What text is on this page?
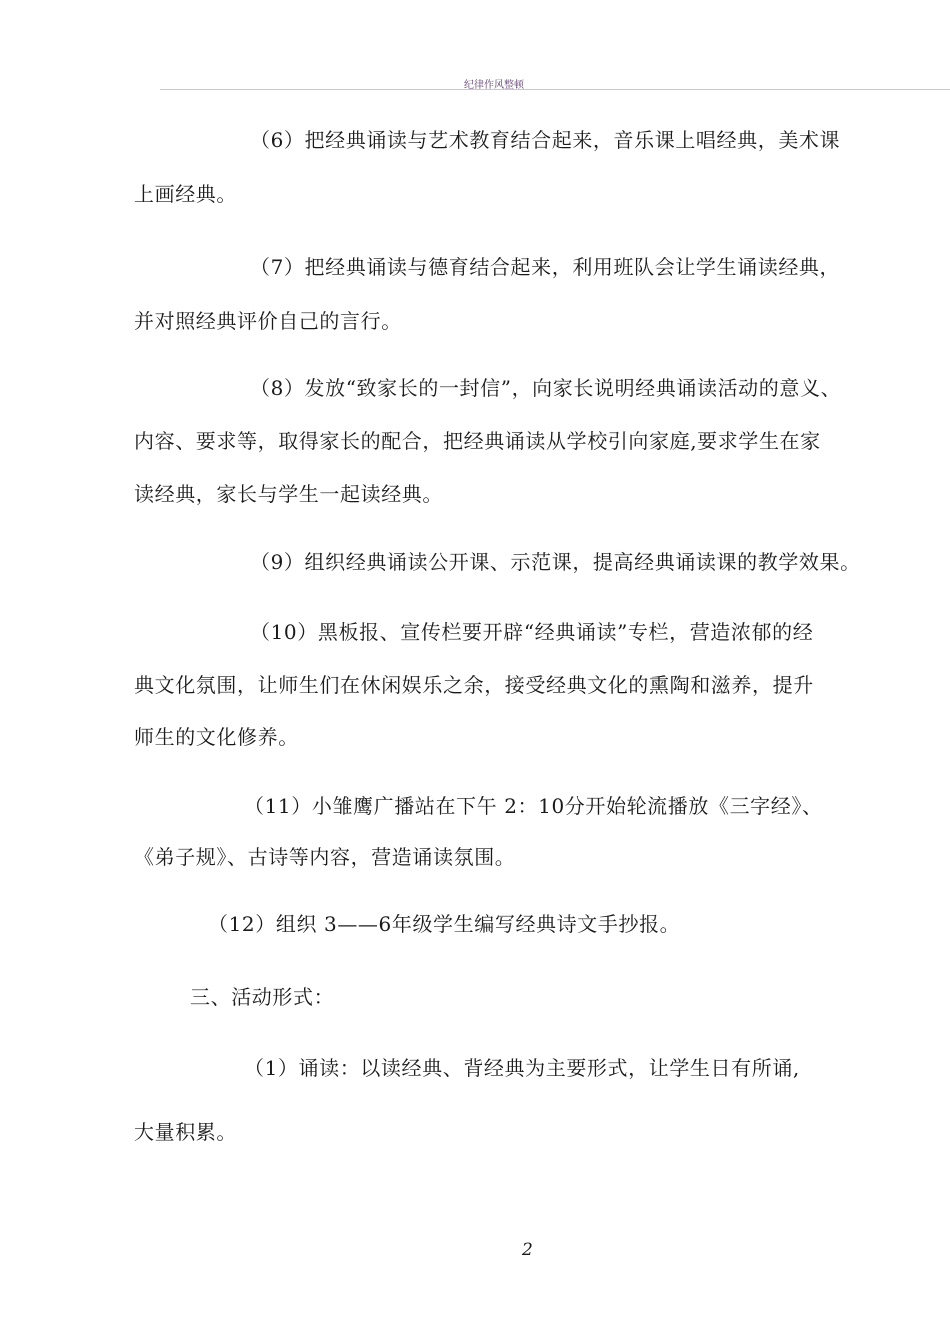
纪律作风整顿
（6）把经典诵读与艺术教育结合起来，音乐课上唱经典，美术课
上画经典。
（7）把经典诵读与德育结合起来，利用班队会让学生诵读经典，
并对照经典评价自己的言行。
（8）发放“致家长的一封信”，向家长说明经典诵读活动的意义、
内容、要求等，取得家长的配合，把经典诵读从学校引向家庭,要求学生在家
读经典，家长与学生一起读经典。
（9）组织经典诵读公开课、示范课，提高经典诵读课的教学效果。
（10）黑板报、宣传栏要开辟“经典诵读”专栏，营造浓郁的经
典文化氛围，让师生们在休闲娱乐之余，接受经典文化的熏陶和滋养，提升
师生的文化修养。
（11）小雏鹰广播站在下午 2：10分开始轮流播放《三字经》、
《弟子规》、古诗等内容，营造诵读氛围。
（12）组织 3——6年级学生编写经典诗文手抄报。
三、活动形式：
（1）诵读：以读经典、背经典为主要形式，让学生日有所诵,
大量积累。
2
